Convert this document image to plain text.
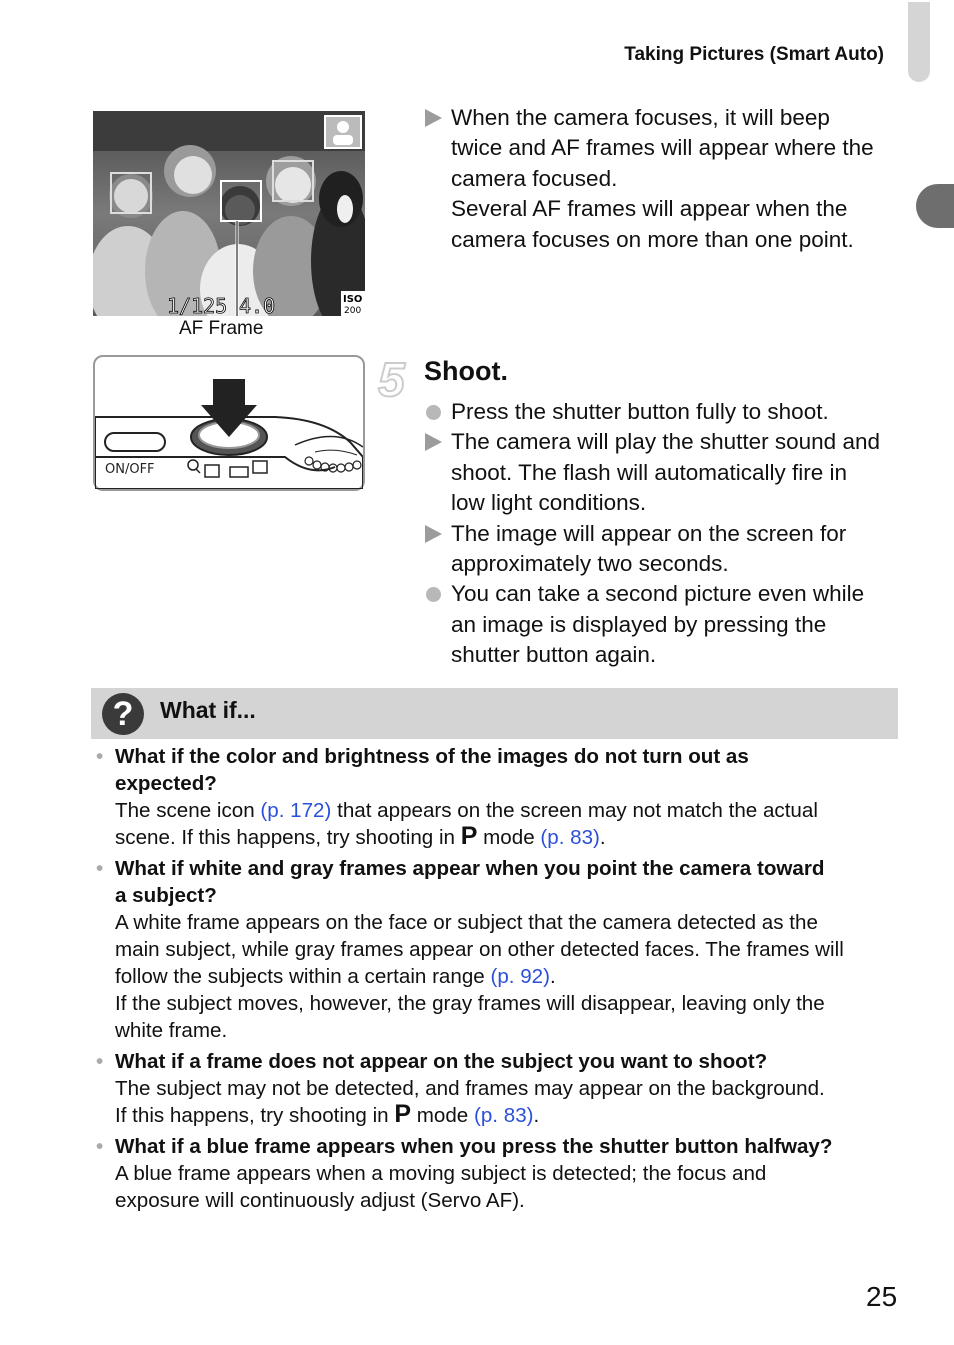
Taking Pictures (Smart Auto)
1/125 4.0	ISO
200
AF Frame
When the camera focuses, it will beep
twice and AF frames will appear where the
camera focused.
Several AF frames will appear when the
camera focuses on more than one point.
ON/OFF
5 Shoot.
Press the shutter button fully to shoot.
The camera will play the shutter sound and
shoot. The flash will automatically fire in
low light conditions.
The image will appear on the screen for
approximately two seconds.
You can take a second picture even while
an image is displayed by pressing the
shutter button again.
?	What if...
• What if the color and brightness of the images do not turn out as
expected?
The scene icon (p. 172) that appears on the screen may not match the actual
scene. If this happens, try shooting in P mode (p. 83).
• What if white and gray frames appear when you point the camera toward
a subject?
A white frame appears on the face or subject that the camera detected as the
main subject, while gray frames appear on other detected faces. The frames will
follow the subjects within a certain range (p. 92).
If the subject moves, however, the gray frames will disappear, leaving only the
white frame.
• What if a frame does not appear on the subject you want to shoot?
The subject may not be detected, and frames may appear on the background.
If this happens, try shooting in P mode (p. 83).
• What if a blue frame appears when you press the shutter button halfway?
A blue frame appears when a moving subject is detected; the focus and
exposure will continuously adjust (Servo AF).
25
